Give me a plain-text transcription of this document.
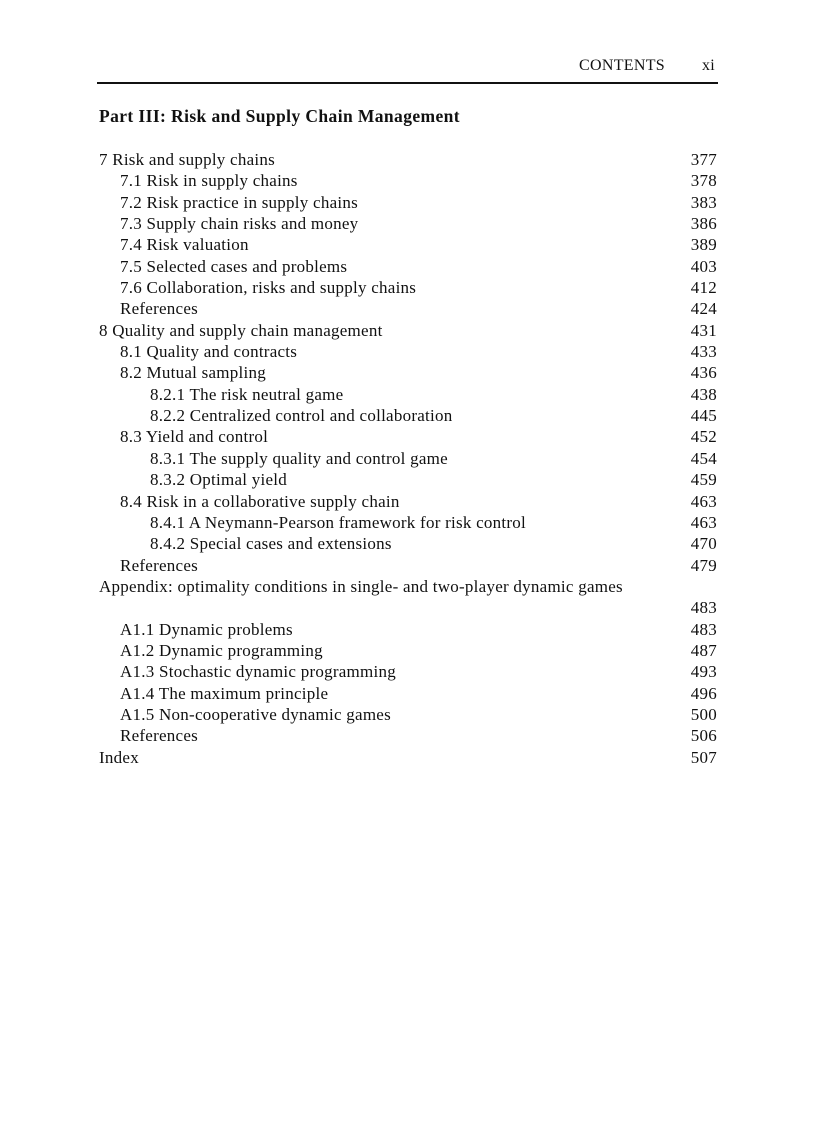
CONTENTS xi
Part III: Risk and Supply Chain Management
7 Risk and supply chains	377
7.1 Risk in supply chains	378
7.2 Risk practice in supply chains	383
7.3 Supply chain risks and money	386
7.4 Risk valuation	389
7.5 Selected cases and problems	403
7.6 Collaboration, risks and supply chains	412
References	424
8 Quality and supply chain management	431
8.1 Quality and contracts	433
8.2 Mutual sampling	436
8.2.1 The risk neutral game	438
8.2.2 Centralized control and collaboration	445
8.3 Yield and control	452
8.3.1 The supply quality and control game	454
8.3.2 Optimal yield	459
8.4 Risk in a collaborative supply chain	463
8.4.1 A Neymann-Pearson framework for risk control	463
8.4.2 Special cases and extensions	470
References	479
Appendix: optimality conditions in single- and two-player dynamic games
483
A1.1 Dynamic problems	483
A1.2 Dynamic programming	487
A1.3 Stochastic dynamic programming	493
A1.4 The maximum principle	496
A1.5 Non-cooperative dynamic games	500
References	506
Index	507
